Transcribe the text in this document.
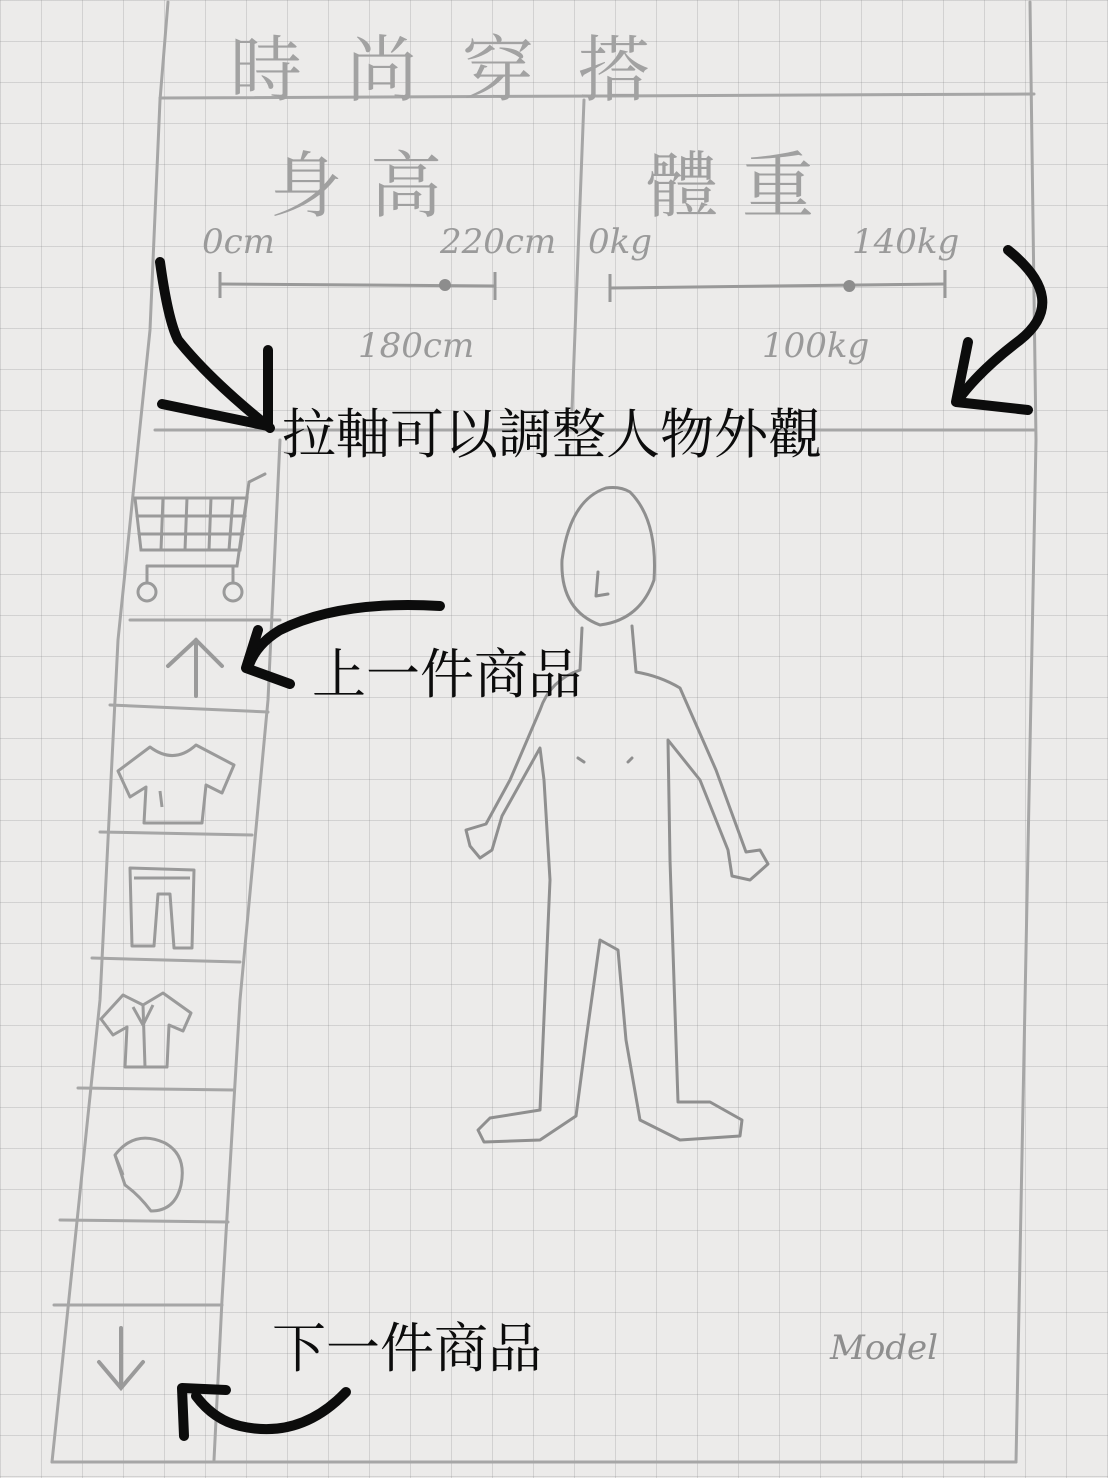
時尚穿搭
身高
0cm	220cm
180cm
體重
0kg	140kg
100kg
Model
拉軸可以調整人物外觀
上一件商品
下一件商品
